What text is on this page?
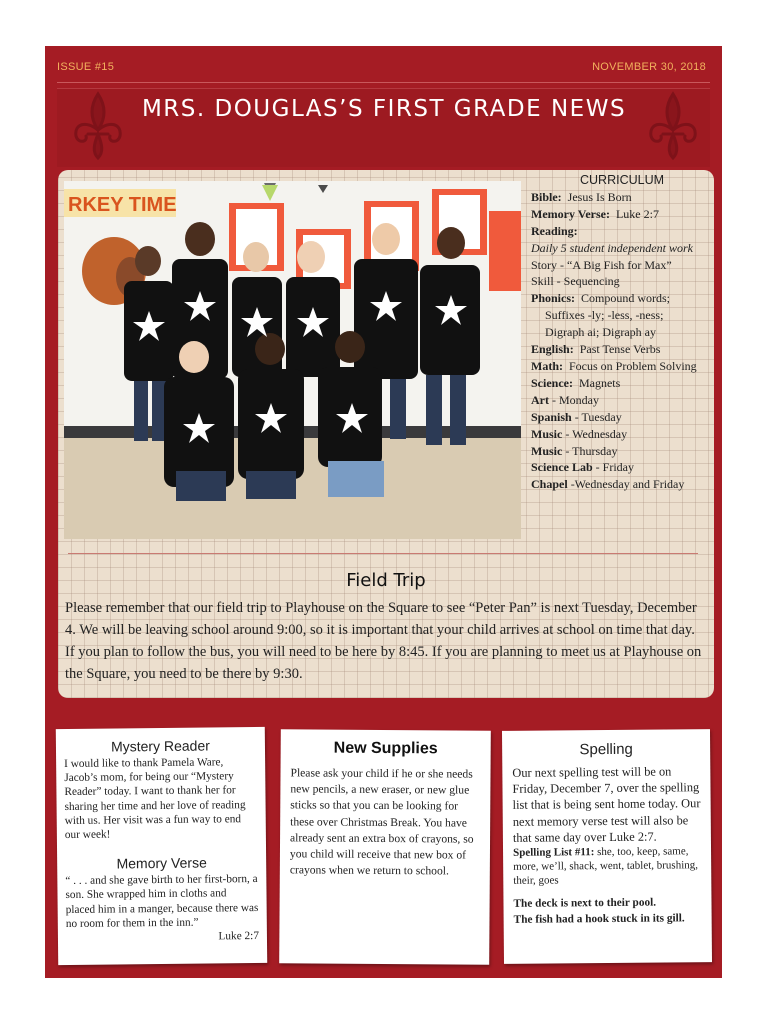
ISSUE #15	NOVEMBER 30, 2018
MRS. DOUGLAS’S FIRST GRADE NEWS
RKEY TIME
CURRICULUM
Bible: Jesus Is Born
Memory Verse: Luke 2:7
Reading:
Daily 5 student independent work
Story - “A Big Fish for Max”
Skill - Sequencing
Phonics: Compound words;
Suffixes -ly; -less, -ness;
Digraph ai; Digraph ay
English: Past Tense Verbs
Math: Focus on Problem Solving
Science: Magnets
Art - Monday
Spanish - Tuesday
Music - Wednesday
Music - Thursday
Science Lab - Friday
Chapel -Wednesday and Friday
Field Trip
Please remember that our field trip to Playhouse on the Square to see “Peter Pan” is next Tuesday, December 4. We will be leaving school around 9:00, so it is important that your child arrives at school on time that day. If you plan to follow the bus, you will need to be here by 8:45. If you are planning to meet us at Playhouse on the Square, you need to be there by 9:30.
Mystery Reader
I would like to thank Pamela Ware, Jacob’s mom, for being our “Mystery Reader” today. I want to thank her for sharing her time and her love of reading with us. Her visit was a fun way to end our week!
Memory Verse
“ . . . and she gave birth to her first-born, a son. She wrapped him in cloths and placed him in a manger, because there was no room for them in the inn.”
Luke 2:7
New Supplies
Please ask your child if he or she needs new pencils, a new eraser, or new glue sticks so that you can be looking for these over Christmas Break. You have already sent an extra box of crayons, so you child will receive that new box of crayons when we return to school.
Spelling
Our next spelling test will be on Friday, December 7, over the spelling list that is being sent home today. Our next memory verse test will also be that same day over Luke 2:7.
Spelling List #11: she, too, keep, same, more, we’ll, shack, went, tablet, brushing, their, goes
The deck is next to their pool.
The fish had a hook stuck in its gill.
